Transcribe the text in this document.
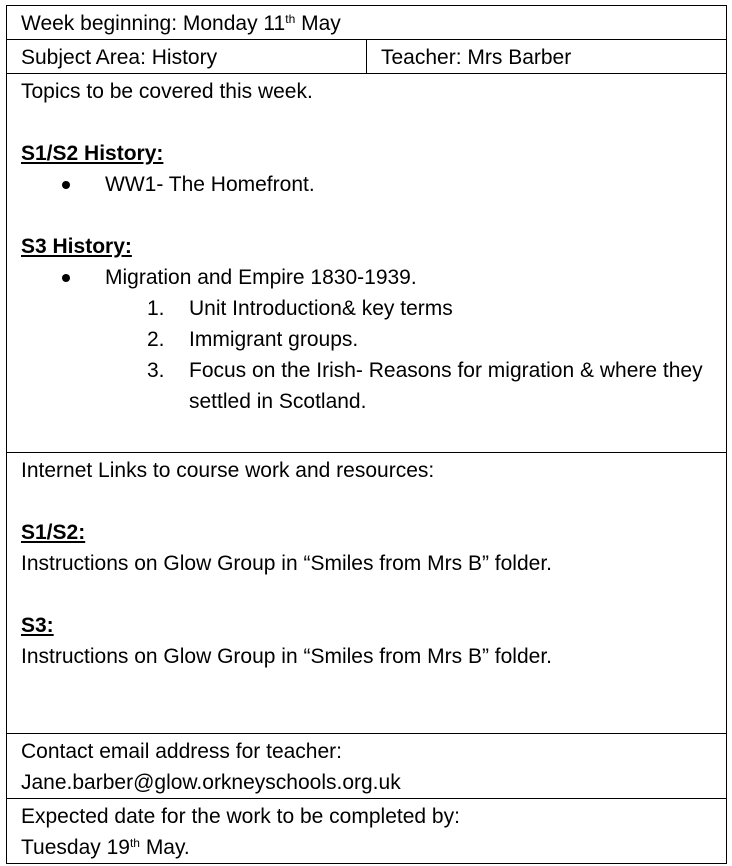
Week beginning: Monday 11th May
Subject Area: History	Teacher: Mrs Barber

Topics to be covered this week.
S1/S2 History:
WW1- The Homefront.
S3 History:
Migration and Empire 1830-1939.
1. Unit Introduction& key terms
2. Immigrant groups.
3. Focus on the Irish- Reasons for migration & where they settled in Scotland.

Internet Links to course work and resources:
S1/S2:
Instructions on Glow Group in “Smiles from Mrs B” folder.
S3:
Instructions on Glow Group in “Smiles from Mrs B” folder.

Contact email address for teacher:
Jane.barber@glow.orkneyschools.org.uk

Expected date for the work to be completed by:
Tuesday 19th May.
